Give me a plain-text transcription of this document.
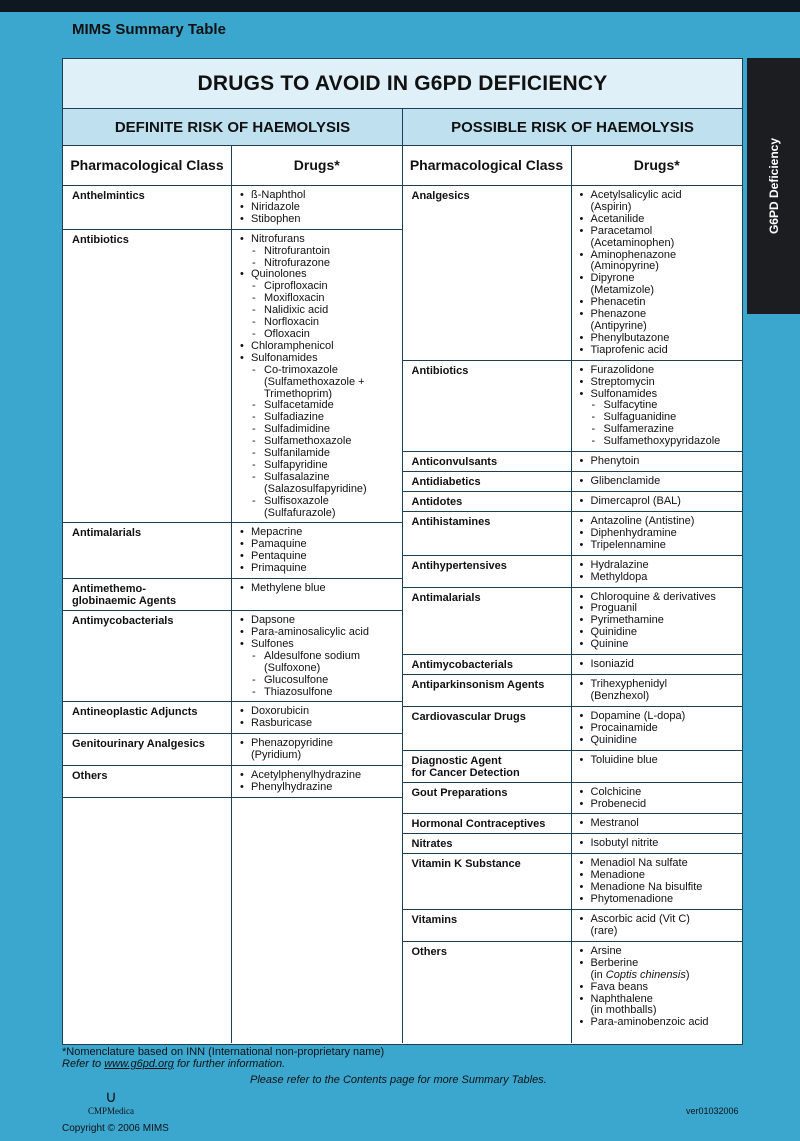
MIMS Summary Table
G6PD Deficiency
DRUGS TO AVOID IN G6PD DEFICIENCY
DEFINITE RISK OF HAEMOLYSIS	POSSIBLE RISK OF HAEMOLYSIS
Pharmacological Class	Drugs*
Anthelmintics	• ß-Naphthol
• Niridazole
• Stibophen
Antibiotics	• Nitrofurans
- Nitrofurantoin
- Nitrofurazone
• Quinolones
- Ciprofloxacin
- Moxifloxacin
- Nalidixic acid
- Norfloxacin
- Ofloxacin
• Chloramphenicol
• Sulfonamides
- Co-trimoxazole
(Sulfamethoxazole +
Trimethoprim)
- Sulfacetamide
- Sulfadiazine
- Sulfadimidine
- Sulfamethoxazole
- Sulfanilamide
- Sulfapyridine
- Sulfasalazine
(Salazosulfapyridine)
- Sulfisoxazole
(Sulfafurazole)
Antimalarials	• Mepacrine
• Pamaquine
• Pentaquine
• Primaquine
Antimethemo-
globinaemic Agents
• Methylene blue
Antimycobacterials	• Dapsone
• Para-aminosalicylic acid
• Sulfones
- Aldesulfone sodium
(Sulfoxone)
- Glucosulfone
- Thiazosulfone
Antineoplastic Adjuncts	• Doxorubicin
• Rasburicase
Genitourinary Analgesics	• Phenazopyridine
(Pyridium)
Others	• Acetylphenylhydrazine
• Phenylhydrazine
Pharmacological Class	Drugs*
Analgesics	• Acetylsalicylic acid
(Aspirin)
• Acetanilide
• Paracetamol
(Acetaminophen)
• Aminophenazone
(Aminopyrine)
• Dipyrone
(Metamizole)
• Phenacetin
• Phenazone
(Antipyrine)
• Phenylbutazone
• Tiaprofenic acid
Antibiotics	• Furazolidone
• Streptomycin
• Sulfonamides
- Sulfacytine
- Sulfaguanidine
- Sulfamerazine
- Sulfamethoxypyridazole
Anticonvulsants	• Phenytoin
Antidiabetics	• Glibenclamide
Antidotes	• Dimercaprol (BAL)
Antihistamines	• Antazoline (Antistine)
• Diphenhydramine
• Tripelennamine
Antihypertensives	• Hydralazine
• Methyldopa
Antimalarials	• Chloroquine & derivatives
• Proguanil
• Pyrimethamine
• Quinidine
• Quinine
Antimycobacterials	• Isoniazid
Antiparkinsonism Agents	• Trihexyphenidyl
(Benzhexol)
Cardiovascular Drugs	• Dopamine (L-dopa)
• Procainamide
• Quinidine
Diagnostic Agent
for Cancer Detection
• Toluidine blue
Gout Preparations	• Colchicine
• Probenecid
Hormonal Contraceptives	• Mestranol
Nitrates	• Isobutyl nitrite
Vitamin K Substance	• Menadiol Na sulfate
• Menadione
• Menadione Na bisulfite
• Phytomenadione
Vitamins	• Ascorbic acid (Vit C)
(rare)
Others	• Arsine
• Berberine
(in Coptis chinensis)
• Fava beans
• Naphthalene
(in mothballs)
• Para-aminobenzoic acid
*Nomenclature based on INN (International non-proprietary name)
Refer to www.g6pd.org for further information.
Please refer to the Contents page for more Summary Tables.
∪
CMPMedica
Copyright © 2006 MIMS
ver01032006
